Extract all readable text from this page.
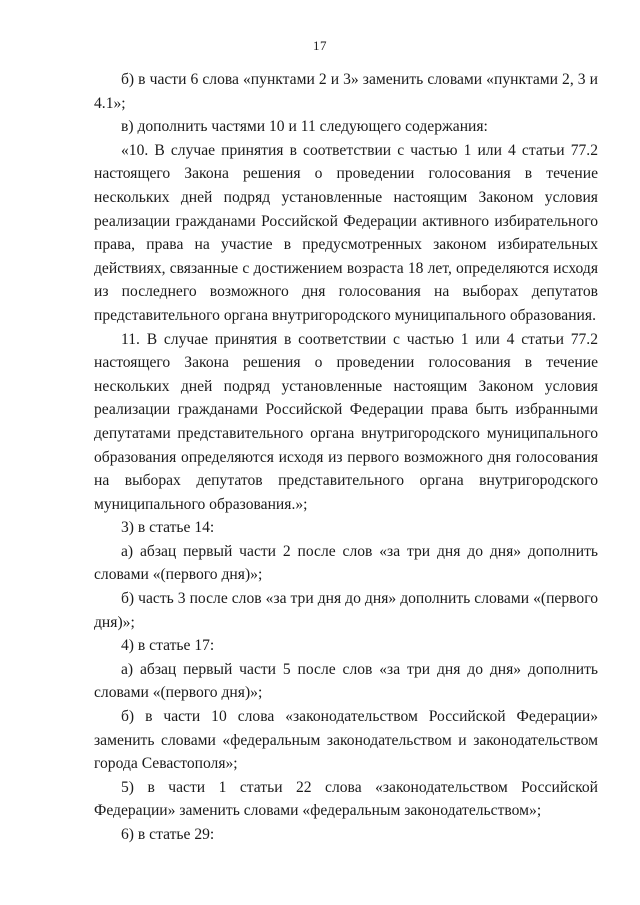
17

б) в части 6 слова «пунктами 2 и 3» заменить словами «пунктами 2, 3 и 4.1»;

в) дополнить частями 10 и 11 следующего содержания:

«10. В случае принятия в соответствии с частью 1 или 4 статьи 77.2 настоящего Закона решения о проведении голосования в течение нескольких дней подряд установленные настоящим Законом условия реализации гражданами Российской Федерации активного избирательного права, права на участие в предусмотренных законом избирательных действиях, связанные с достижением возраста 18 лет, определяются исходя из последнего возможного дня голосования на выборах депутатов представительного органа внутригородского муниципального образования.

11. В случае принятия в соответствии с частью 1 или 4 статьи 77.2 настоящего Закона решения о проведении голосования в течение нескольких дней подряд установленные настоящим Законом условия реализации гражданами Российской Федерации права быть избранными депутатами представительного органа внутригородского муниципального образования определяются исходя из первого возможного дня голосования на выборах депутатов представительного органа внутригородского муниципального образования.»;

3) в статье 14:

а) абзац первый части 2 после слов «за три дня до дня» дополнить словами «(первого дня)»;

б) часть 3 после слов «за три дня до дня» дополнить словами «(первого дня)»;

4) в статье 17:

а) абзац первый части 5 после слов «за три дня до дня» дополнить словами «(первого дня)»;

б) в части 10 слова «законодательством Российской Федерации» заменить словами «федеральным законодательством и законодательством города Севастополя»;

5) в части 1 статьи 22 слова «законодательством Российской Федерации» заменить словами «федеральным законодательством»;

6) в статье 29:
